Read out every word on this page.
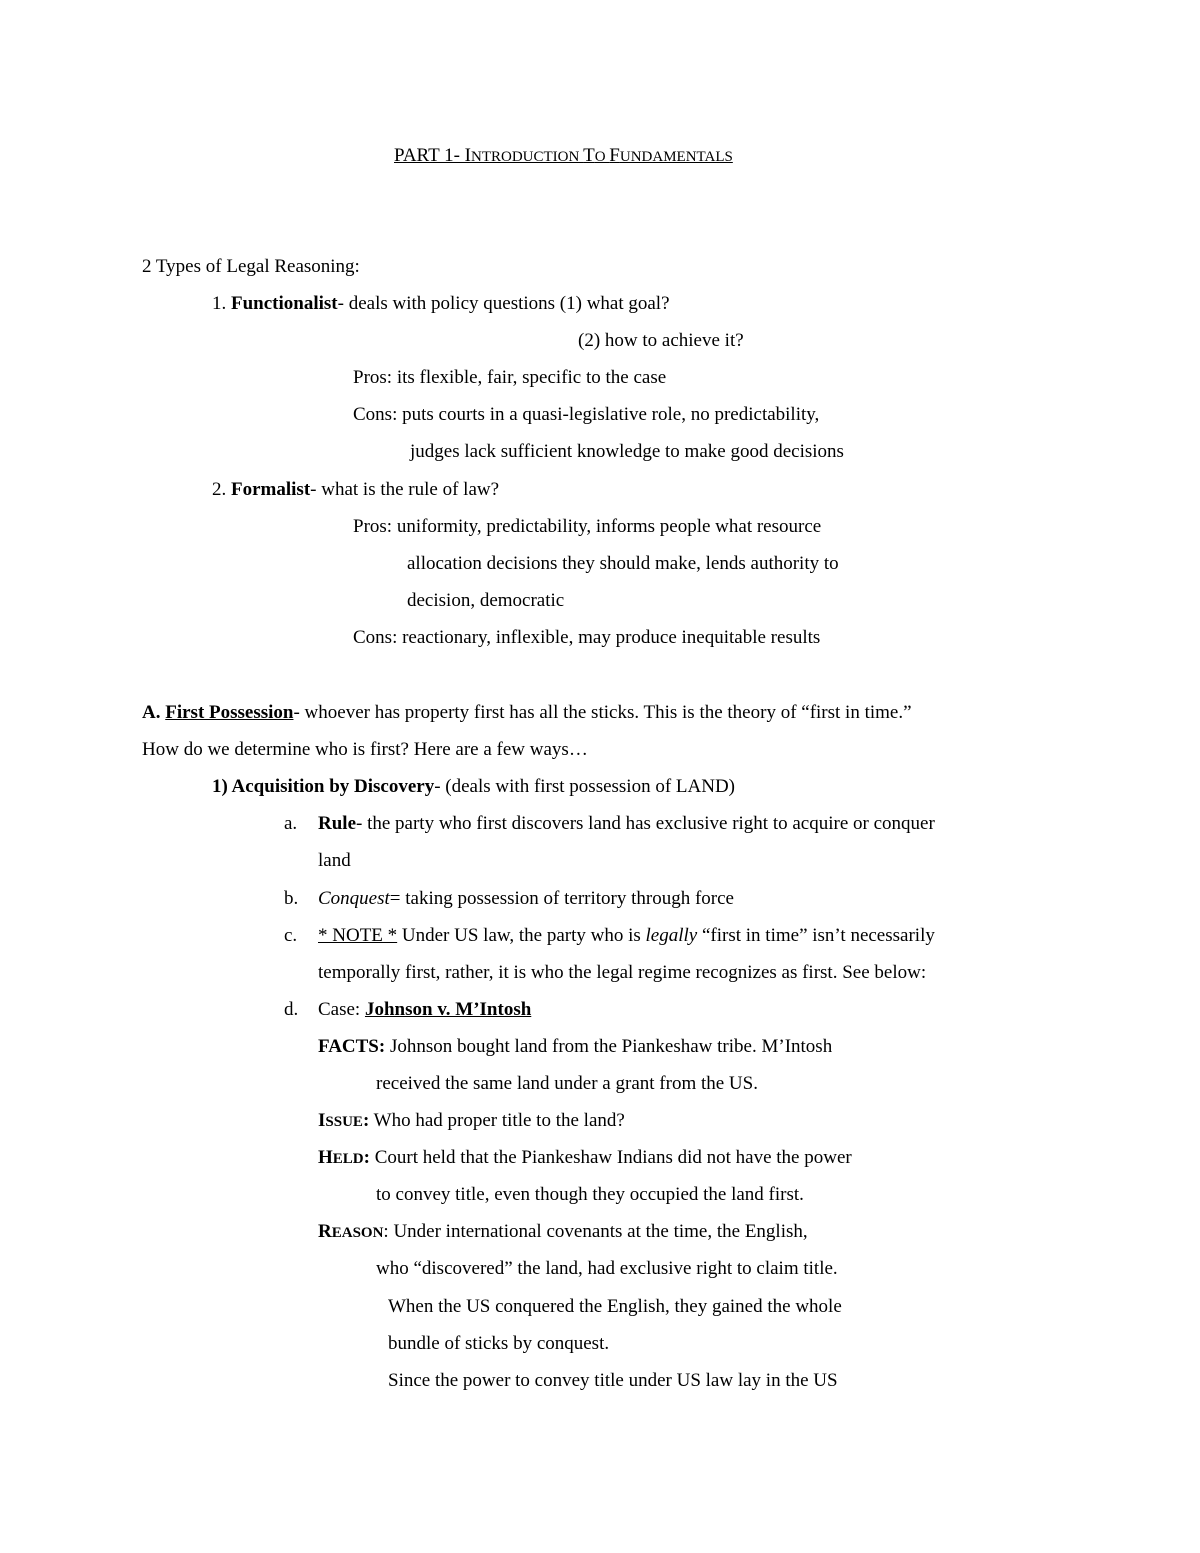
PART 1- INTRODUCTION TO FUNDAMENTALS
2 Types of Legal Reasoning:
1. Functionalist- deals with policy questions (1) what goal?
(2) how to achieve it?
Pros: its flexible, fair, specific to the case
Cons: puts courts in a quasi-legislative role, no predictability,
judges lack sufficient knowledge to make good decisions
2. Formalist- what is the rule of law?
Pros: uniformity, predictability, informs people what resource
allocation decisions they should make, lends authority to
decision, democratic
Cons: reactionary, inflexible, may produce inequitable results
A. First Possession- whoever has property first has all the sticks. This is the theory of “first in time.”
How do we determine who is first? Here are a few ways…
1) Acquisition by Discovery- (deals with first possession of LAND)
a. Rule- the party who first discovers land has exclusive right to acquire or conquer
land
b. Conquest= taking possession of territory through force
c. * NOTE * Under US law, the party who is legally “first in time” isn’t necessarily
temporally first, rather, it is who the legal regime recognizes as first. See below:
d. Case: Johnson v. M’Intosh
FACTS: Johnson bought land from the Piankeshaw tribe. M’Intosh
received the same land under a grant from the US.
ISSUE: Who had proper title to the land?
HELD: Court held that the Piankeshaw Indians did not have the power
to convey title, even though they occupied the land first.
REASON: Under international covenants at the time, the English,
who “discovered” the land, had exclusive right to claim title.
When the US conquered the English, they gained the whole
bundle of sticks by conquest.
Since the power to convey title under US law lay in the US
